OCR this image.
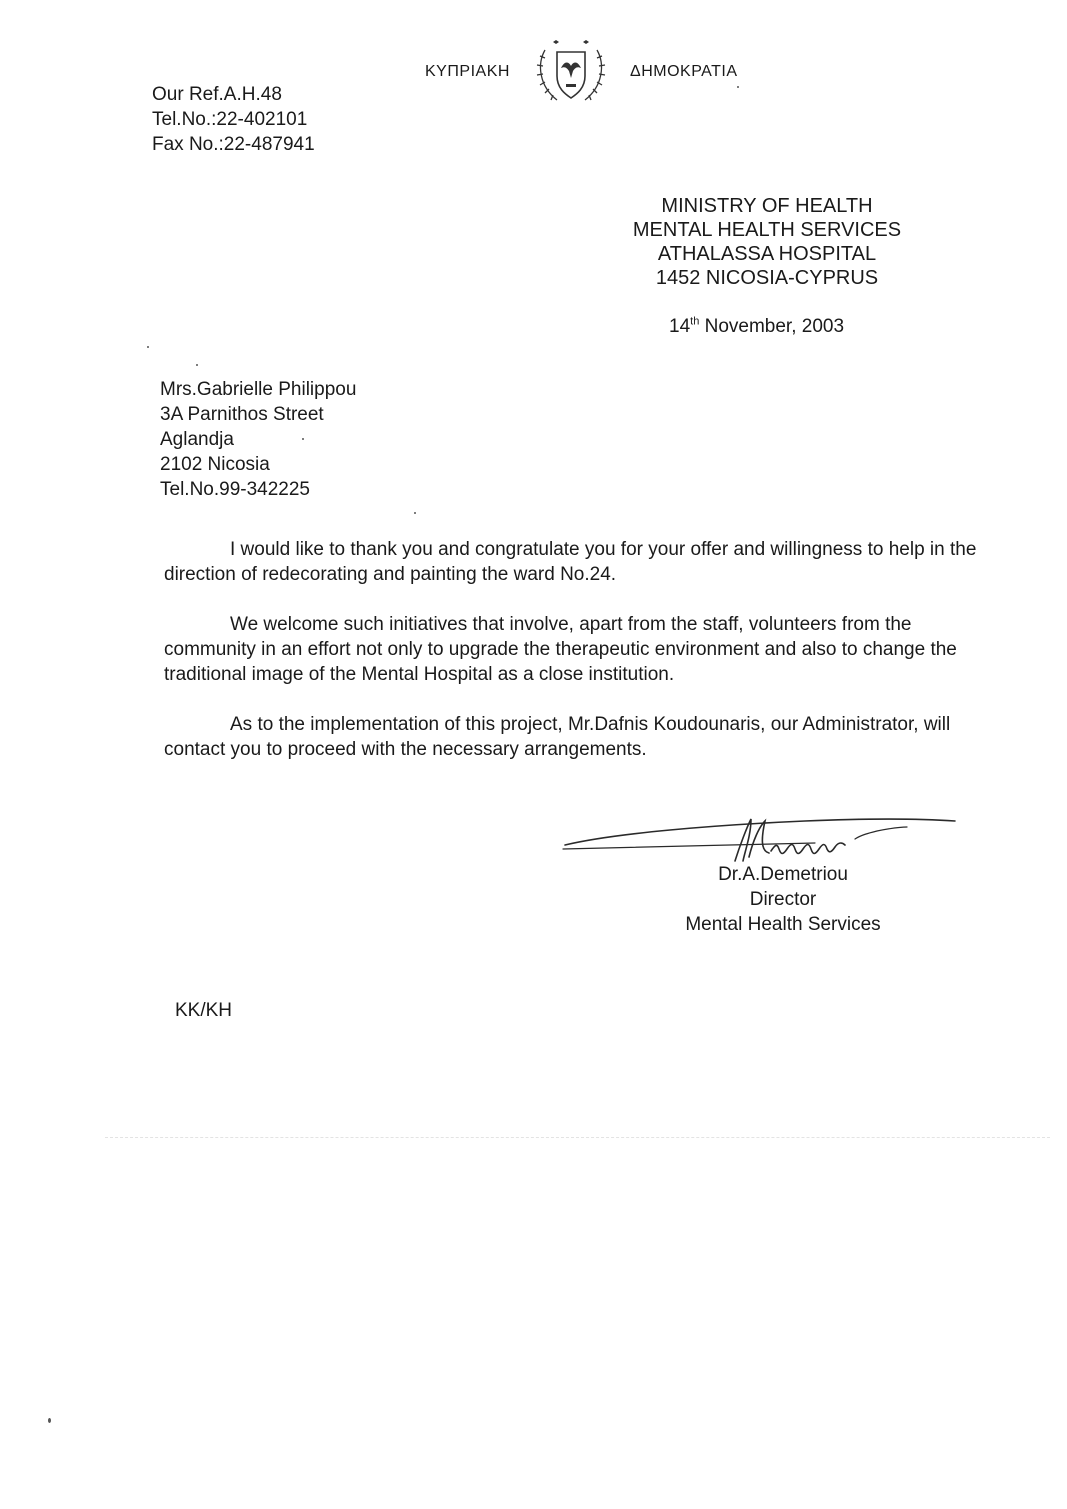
ΚΥΠΡΙΑΚΗ	ΔΗΜΟΚΡΑΤΙΑ
Our Ref.A.H.48
Tel.No.:22-402101
Fax No.:22-487941
MINISTRY OF HEALTH
MENTAL HEALTH SERVICES
ATHALASSA HOSPITAL
1452 NICOSIA-CYPRUS
14th November, 2003
Mrs.Gabrielle Philippou
3A Parnithos Street
Aglandja
2102 Nicosia
Tel.No.99-342225

I would like to thank you and congratulate you for your offer and willingness to help in the direction of redecorating and painting the ward No.24.

We welcome such initiatives that involve, apart from the staff, volunteers from the community in an effort not only to upgrade the therapeutic environment and also to change the traditional image of the Mental Hospital as a close institution.

As to the implementation of this project, Mr.Dafnis Koudounaris, our Administrator, will contact you to proceed with the necessary arrangements.

Dr.A.Demetriou
Director
Mental Health Services
KK/KH
